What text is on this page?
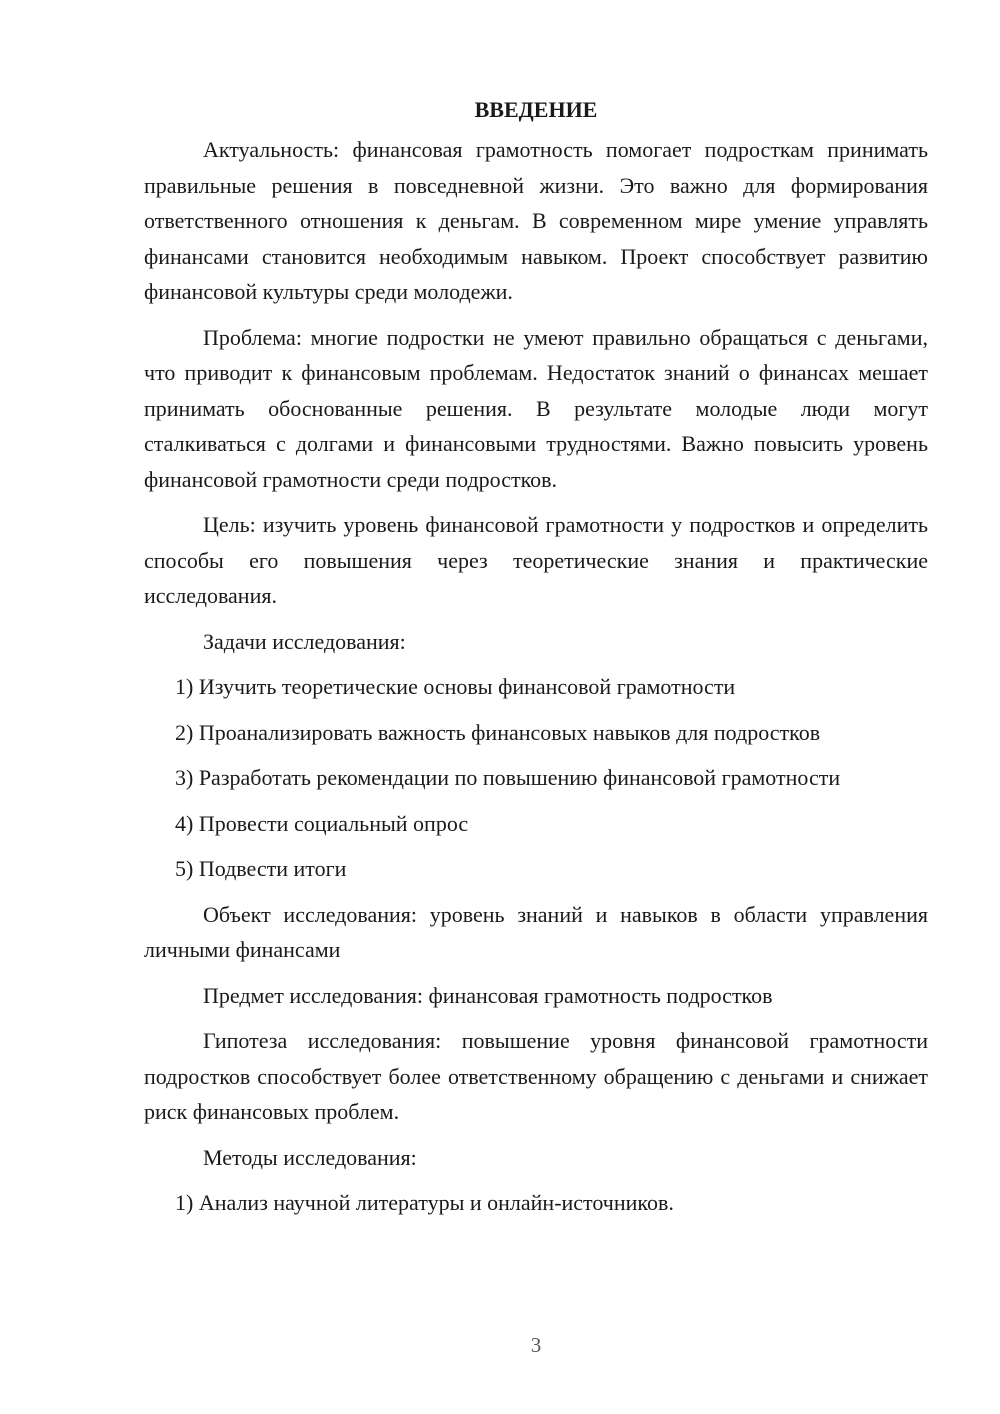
ВВЕДЕНИЕ

Актуальность: финансовая грамотность помогает подросткам принимать правильные решения в повседневной жизни. Это важно для формирования ответственного отношения к деньгам. В современном мире умение управлять финансами становится необходимым навыком. Проект способствует развитию финансовой культуры среди молодежи.

Проблема: многие подростки не умеют правильно обращаться с деньгами, что приводит к финансовым проблемам. Недостаток знаний о финансах мешает принимать обоснованные решения. В результате молодые люди могут сталкиваться с долгами и финансовыми трудностями. Важно повысить уровень финансовой грамотности среди подростков.

Цель: изучить уровень финансовой грамотности у подростков и определить способы его повышения через теоретические знания и практические исследования.

Задачи исследования:

1) Изучить теоретические основы финансовой грамотности

2) Проанализировать важность финансовых навыков для подростков

3) Разработать рекомендации по повышению финансовой грамотности

4) Провести социальный опрос

5) Подвести итоги

Объект исследования: уровень знаний и навыков в области управления личными финансами

Предмет исследования: финансовая грамотность подростков

Гипотеза исследования: повышение уровня финансовой грамотности подростков способствует более ответственному обращению с деньгами и снижает риск финансовых проблем.

Методы исследования:

1) Анализ научной литературы и онлайн-источников.

3
